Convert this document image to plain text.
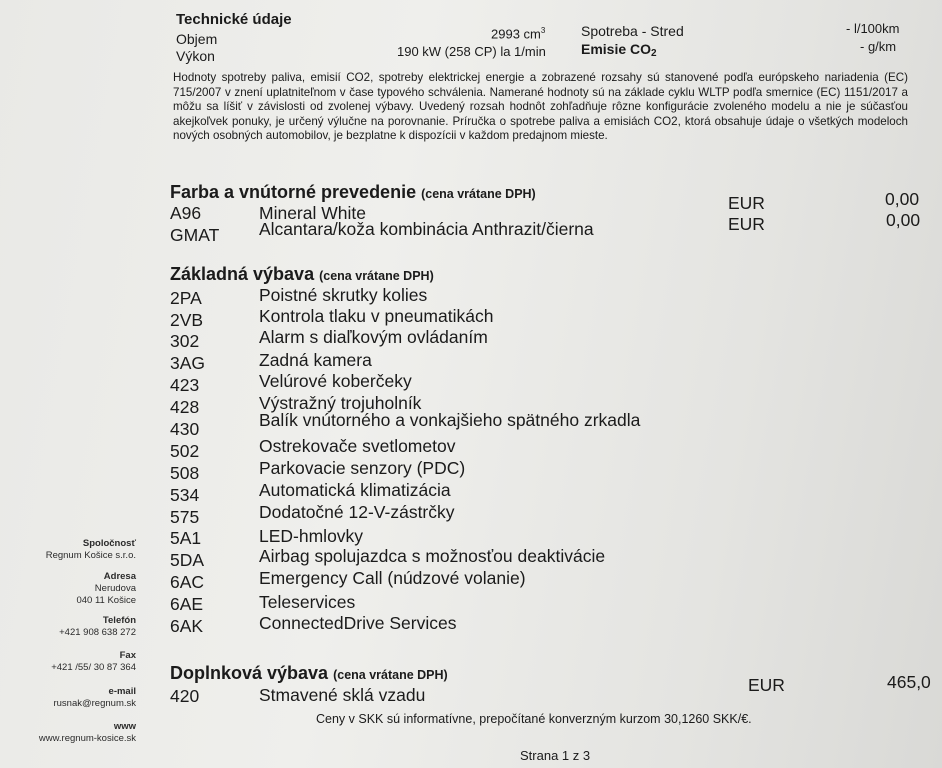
Technické údaje
Objem	2993 $cm^3$
Výkon	190 kW (258 CP) la 1/min
Spotreba - Stred	- l/100km
Emisie CO2	- g/km
Hodnoty spotreby paliva, emisií CO2, spotreby elektrickej energie a zobrazené rozsahy sú stanovené podľa európskeho nariadenia (EC) 715/2007 v znení uplatniteľnom v čase typového schválenia. Namerané hodnoty sú na základe cyklu WLTP podľa smernice (EC) 1151/2017 a môžu sa líšiť v závislosti od zvolenej výbavy. Uvedený rozsah hodnôt zohľadňuje rôzne konfigurácie zvoleného modelu a nie je súčasťou akejkoľvek ponuky, je určený výlučne na porovnanie. Príručka o spotrebe paliva a emisiách CO2, ktorá obsahuje údaje o všetkých modeloch nových osobných automobilov, je bezplatne k dispozícii v každom predajnom mieste.
Farba a vnútorné prevedenie (cena vrátane DPH)
A96	Mineral White	EUR	0,00
GMAT Alcantara/koža kombinácia Anthrazit/čierna	EUR	0,00
Základná výbava (cena vrátane DPH)
2PA	Poistné skrutky kolies
2VB	Kontrola tlaku v pneumatikách
302	Alarm s diaľkovým ovládaním
3AG	Zadná kamera
423	Velúrové koberčeky
428	Výstražný trojuholník
430	Balík vnútorného a vonkajšieho spätného zrkadla
502	Ostrekovače svetlometov
508	Parkovacie senzory (PDC)
534	Automatická klimatizácia
575	Dodatočné 12-V-zástrčky
5A1	LED-hmlovky
5DA	Airbag spolujazdca s možnosťou deaktivácie
6AC	Emergency Call (núdzové volanie)
6AE	Teleservices
6AK	ConnectedDrive Services
Doplnková výbava (cena vrátane DPH)
420	Stmavené sklá vzadu	EUR	465,0
Ceny v SKK sú informatívne, prepočítané konverzným kurzom 30,1260 SKK/€.
Strana 1 z 3
Spoločnosť
Regnum Košice s.r.o.
Adresa
Nerudova
040 11 Košice
Telefón
+421 908 638 272
Fax
+421 /55/ 30 87 364
e-mail
rusnak@regnum.sk
www
www.regnum-kosice.sk
